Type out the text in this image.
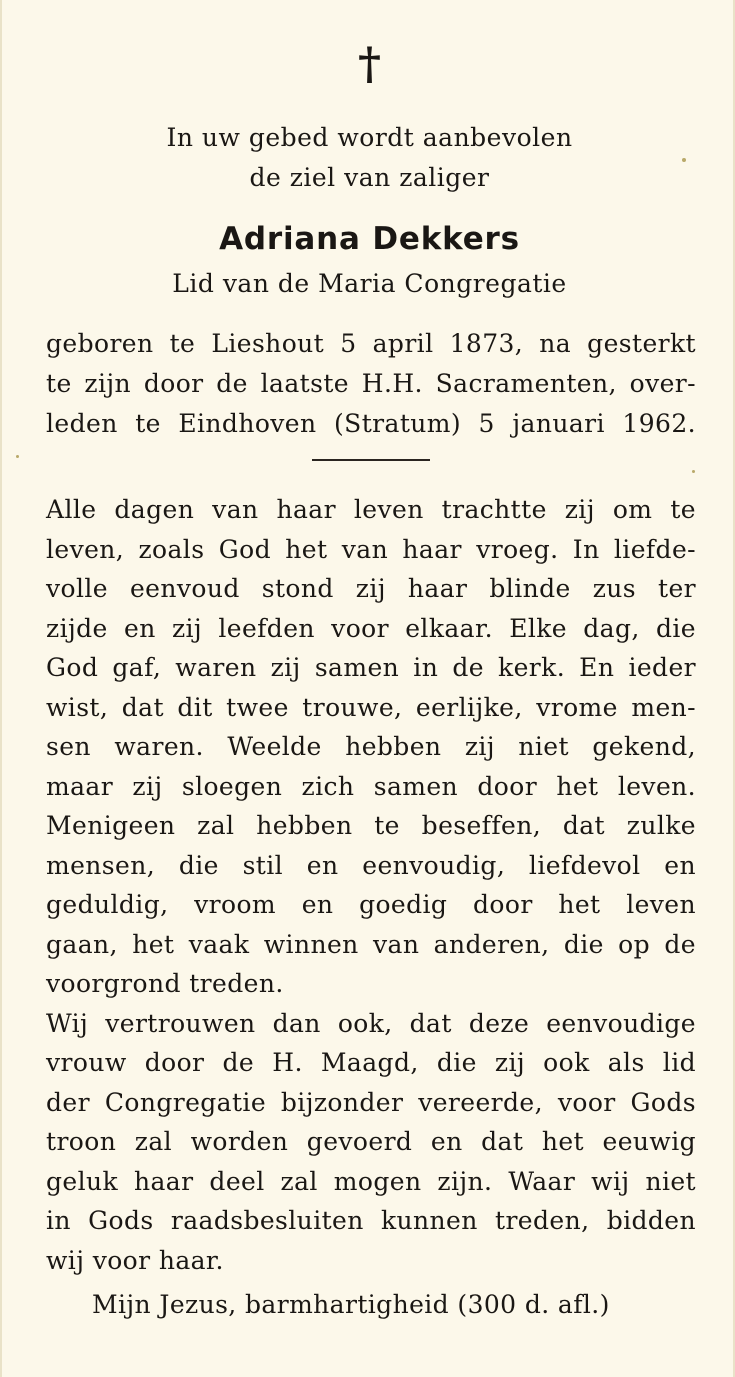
†
In uw gebed wordt aanbevolen
de ziel van zaliger
Adriana Dekkers
Lid van de Maria Congregatie
geboren te Lieshout 5 april 1873, na gesterkt
te zijn door de laatste H.H. Sacramenten, over-
leden te Eindhoven (Stratum) 5 januari 1962.
Alle dagen van haar leven trachtte zij om te
leven, zoals God het van haar vroeg. In liefde-
volle eenvoud stond zij haar blinde zus ter
zijde en zij leefden voor elkaar. Elke dag, die
God gaf, waren zij samen in de kerk. En ieder
wist, dat dit twee trouwe, eerlijke, vrome men-
sen waren. Weelde hebben zij niet gekend,
maar zij sloegen zich samen door het leven.
Menigeen zal hebben te beseffen, dat zulke
mensen, die stil en eenvoudig, liefdevol en
geduldig, vroom en goedig door het leven
gaan, het vaak winnen van anderen, die op de
voorgrond treden.
Wij vertrouwen dan ook, dat deze eenvoudige
vrouw door de H. Maagd, die zij ook als lid
der Congregatie bijzonder vereerde, voor Gods
troon zal worden gevoerd en dat het eeuwig
geluk haar deel zal mogen zijn. Waar wij niet
in Gods raadsbesluiten kunnen treden, bidden
wij voor haar.
Mijn Jezus, barmhartigheid (300 d. afl.)
